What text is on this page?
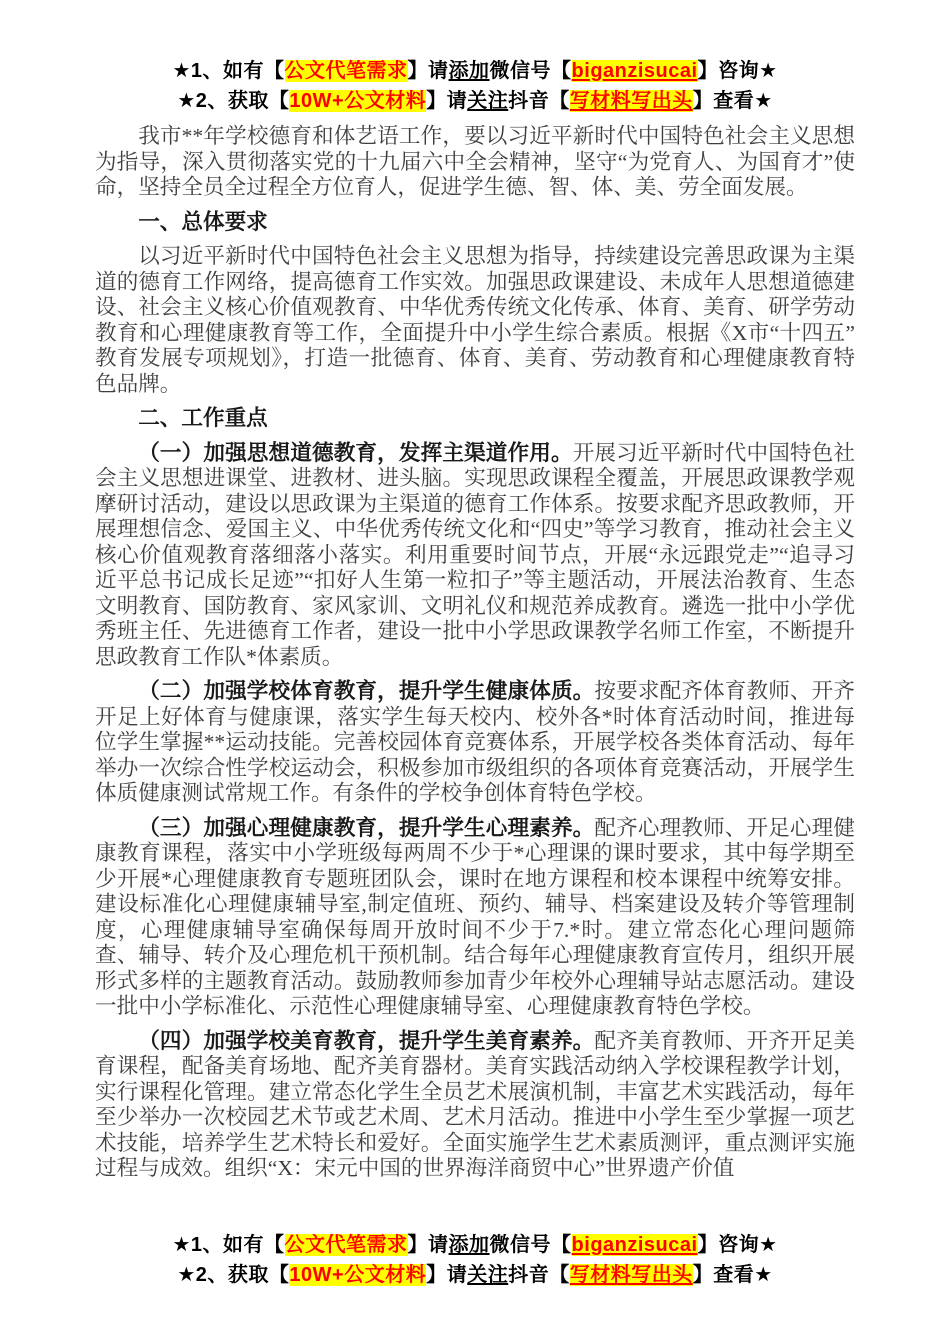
★1、如有【公文代笔需求】请添加微信号【biganzisucai】咨询★
★2、获取【10W+公文材料】请关注抖音【写材料写出头】查看★

我市**年学校德育和体艺语工作，要以习近平新时代中国特色社会主义思想为指导，深入贯彻落实党的十九届六中全会精神，坚守“为党育人、为国育才”使命，坚持全员全过程全方位育人，促进学生德、智、体、美、劳全面发展。

一、总体要求

以习近平新时代中国特色社会主义思想为指导，持续建设完善思政课为主渠道的德育工作网络，提高德育工作实效。加强思政课建设、未成年人思想道德建设、社会主义核心价值观教育、中华优秀传统文化传承、体育、美育、研学劳动教育和心理健康教育等工作，全面提升中小学生综合素质。根据《X市“十四五”教育发展专项规划》，打造一批德育、体育、美育、劳动教育和心理健康教育特色品牌。

二、工作重点

（一）加强思想道德教育，发挥主渠道作用。开展习近平新时代中国特色社会主义思想进课堂、进教材、进头脑。实现思政课程全覆盖，开展思政课教学观摩研讨活动，建设以思政课为主渠道的德育工作体系。按要求配齐思政教师，开展理想信念、爱国主义、中华优秀传统文化和“四史”等学习教育，推动社会主义核心价值观教育落细落小落实。利用重要时间节点，开展“永远跟党走”“追寻习近平总书记成长足迹”“扣好人生第一粒扣子”等主题活动，开展法治教育、生态文明教育、国防教育、家风家训、文明礼仪和规范养成教育。遴选一批中小学优秀班主任、先进德育工作者，建设一批中小学思政课教学名师工作室，不断提升思政教育工作队*体素质。

（二）加强学校体育教育，提升学生健康体质。按要求配齐体育教师、开齐开足上好体育与健康课，落实学生每天校内、校外各*时体育活动时间，推进每位学生掌握**运动技能。完善校园体育竞赛体系，开展学校各类体育活动、每年举办一次综合性学校运动会，积极参加市级组织的各项体育竞赛活动，开展学生体质健康测试常规工作。有条件的学校争创体育特色学校。

（三）加强心理健康教育，提升学生心理素养。配齐心理教师、开足心理健康教育课程，落实中小学班级每两周不少于*心理课的课时要求，其中每学期至少开展*心理健康教育专题班团队会，课时在地方课程和校本课程中统筹安排。建设标准化心理健康辅导室,制定值班、预约、辅导、档案建设及转介等管理制度，心理健康辅导室确保每周开放时间不少于7.*时。建立常态化心理问题筛查、辅导、转介及心理危机干预机制。结合每年心理健康教育宣传月，组织开展形式多样的主题教育活动。鼓励教师参加青少年校外心理辅导站志愿活动。建设一批中小学标准化、示范性心理健康辅导室、心理健康教育特色学校。

（四）加强学校美育教育，提升学生美育素养。配齐美育教师、开齐开足美育课程，配备美育场地、配齐美育器材。美育实践活动纳入学校课程教学计划，实行课程化管理。建立常态化学生全员艺术展演机制，丰富艺术实践活动，每年至少举办一次校园艺术节或艺术周、艺术月活动。推进中小学生至少掌握一项艺术技能，培养学生艺术特长和爱好。全面实施学生艺术素质测评，重点测评实施过程与成效。组织“X：宋元中国的世界海洋商贸中心”世界遗产价值

★1、如有【公文代笔需求】请添加微信号【biganzisucai】咨询★
★2、获取【10W+公文材料】请关注抖音【写材料写出头】查看★
